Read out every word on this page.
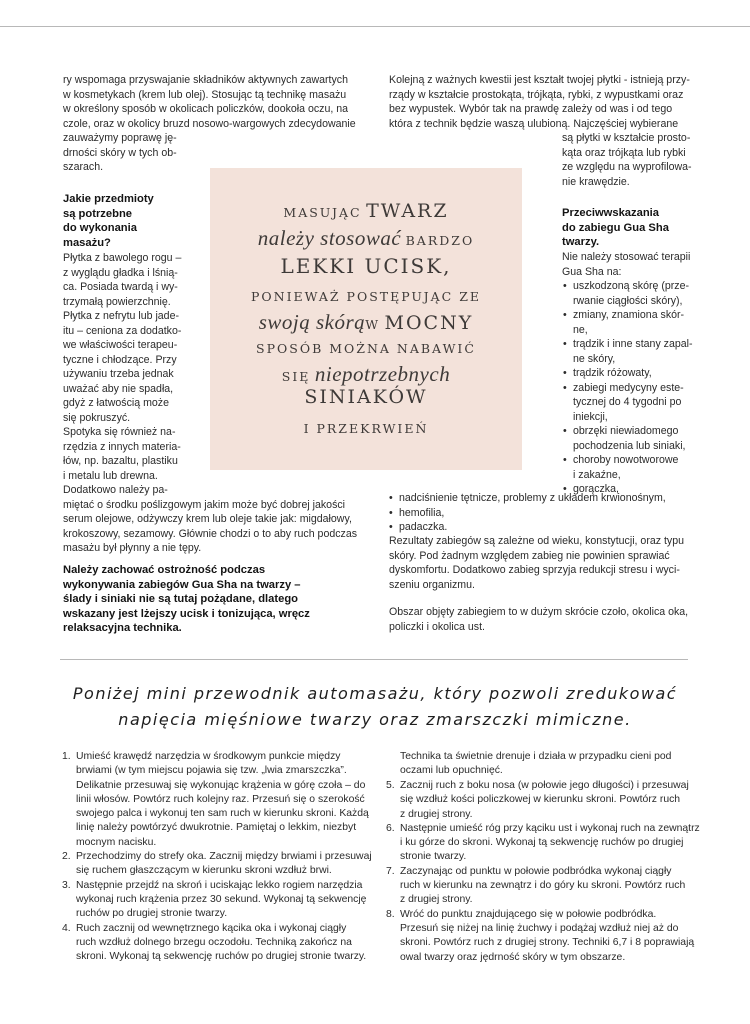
ry wspomaga przyswajanie składników aktywnych zawartych
w kosmetykach (krem lub olej). Stosując tą technikę masażu
w określony sposób w okolicach policzków, dookoła oczu, na
czole, oraz w okolicy bruzd nosowo-wargowych zdecydowanie
zauważymy poprawę ję-
drności skóry w tych ob-
szarach.
Jakie przedmioty
są potrzebne
do wykonania
masażu?
Płytka z bawolego rogu –
z wyglądu gładka i lśnią-
ca. Posiada twardą i wy-
trzymałą powierzchnię.
Płytka z nefrytu lub jade-
itu – ceniona za dodatko-
we właściwości terapeu-
tyczne i chłodzące. Przy
używaniu trzeba jednak
uważać aby nie spadła,
gdyż z łatwością może
się pokruszyć.
Spotyka się również na-
rzędzia z innych materia-
łów, np. bazaltu, plastiku
i metalu lub drewna.
Dodatkowo należy pa-
miętać o środku poślizgowym jakim może być dobrej jakości
serum olejowe, odżywczy krem lub oleje takie jak: migdałowy,
krokoszowy, sezamowy. Głównie chodzi o to aby ruch podczas
masażu był płynny a nie tępy.
Należy zachować ostrożność podczas
wykonywania zabiegów Gua Sha na twarzy –
ślady i siniaki nie są tutaj pożądane, dlatego
wskazany jest lżejszy ucisk i tonizująca, wręcz
relaksacyjna technika.
Kolejną z ważnych kwestii jest kształt twojej płytki - istnieją przy-
rządy w kształcie prostokąta, trójkąta, rybki, z wypustkami oraz
bez wypustek. Wybór tak na prawdę zależy od was i od tego
która z technik będzie waszą ulubioną. Najczęściej wybierane
są płytki w kształcie prosto-
kąta oraz trójkąta lub rybki
ze względu na wyprofilowa-
nie krawędzie.
Przeciwwskazania
do zabiegu Gua Sha
twarzy.
Nie należy stosować terapii
Gua Sha na:
• uszkodzoną skórę (prze-
rwanie ciągłości skóry),
• zmiany, znamiona skór-
ne,
• trądzik i inne stany zapal-
ne skóry,
• trądzik różowaty,
• zabiegi medycyny este-
tycznej do 4 tygodni po
iniekcji,
• obrzęki niewiadomego
pochodzenia lub siniaki,
• choroby nowotworowe
i zakaźne,
• gorączka,
• nadciśnienie tętnicze, problemy z układem krwionośnym,
• hemofilia,
• padaczka.
Rezultaty zabiegów są zależne od wieku, konstytucji, oraz typu
skóry. Pod żadnym względem zabieg nie powinien sprawiać
dyskomfortu. Dodatkowo zabieg sprzyja redukcji stresu i wyci-
szeniu organizmu.
Obszar objęty zabiegiem to w dużym skrócie czoło, okolica oka,
policzki i okolica ust.
MASUJĄC TWARZ
należy stosować BARDZO
LEKKI UCISK,
PONIEWAŻ POSTĘPUJĄC ZE
swoją skórąW MOCNY
SPOSÓB MOŻNA NABAWIĆ
SIĘ niepotrzebnych
SINIAKÓW
I PRZEKRWIEŃ
Poniżej mini przewodnik automasażu, który pozwoli zredukować
napięcia mięśniowe twarzy oraz zmarszczki mimiczne.
1. Umieść krawędź narzędzia w środkowym punkcie między
brwiami (w tym miejscu pojawia się tzw. „lwia zmarszczka”.
Delikatnie przesuwaj się wykonując krążenia w górę czoła – do
linii włosów. Powtórz ruch kolejny raz. Przesuń się o szerokość
swojego palca i wykonuj ten sam ruch w kierunku skroni. Każdą
linię należy powtórzyć dwukrotnie. Pamiętaj o lekkim, niezbyt
mocnym nacisku.
2. Przechodzimy do strefy oka. Zacznij między brwiami i przesuwaj
się ruchem głaszczącym w kierunku skroni wzdłuż brwi.
3. Następnie przejdź na skroń i uciskając lekko rogiem narzędzia
wykonaj ruch krążenia przez 30 sekund. Wykonaj tą sekwencję
ruchów po drugiej stronie twarzy.
4. Ruch zacznij od wewnętrznego kącika oka i wykonaj ciągły
ruch wzdłuż dolnego brzegu oczodołu. Techniką zakończ na
skroni. Wykonaj tą sekwencję ruchów po drugiej stronie twarzy.
Technika ta świetnie drenuje i działa w przypadku cieni pod
oczami lub opuchnięć.
5. Zacznij ruch z boku nosa (w połowie jego długości) i przesuwaj
się wzdłuż kości policzkowej w kierunku skroni. Powtórz ruch
z drugiej strony.
6. Następnie umieść róg przy kąciku ust i wykonaj ruch na zewnątrz
i ku górze do skroni. Wykonaj tą sekwencję ruchów po drugiej
stronie twarzy.
7. Zaczynając od punktu w połowie podbródka wykonaj ciągły
ruch w kierunku na zewnątrz i do góry ku skroni. Powtórz ruch
z drugiej strony.
8. Wróć do punktu znajdującego się w połowie podbródka.
Przesuń się niżej na linię żuchwy i podążaj wzdłuż niej aż do
skroni. Powtórz ruch z drugiej strony. Techniki 6,7 i 8 poprawiają
owal twarzy oraz jędrność skóry w tym obszarze.
